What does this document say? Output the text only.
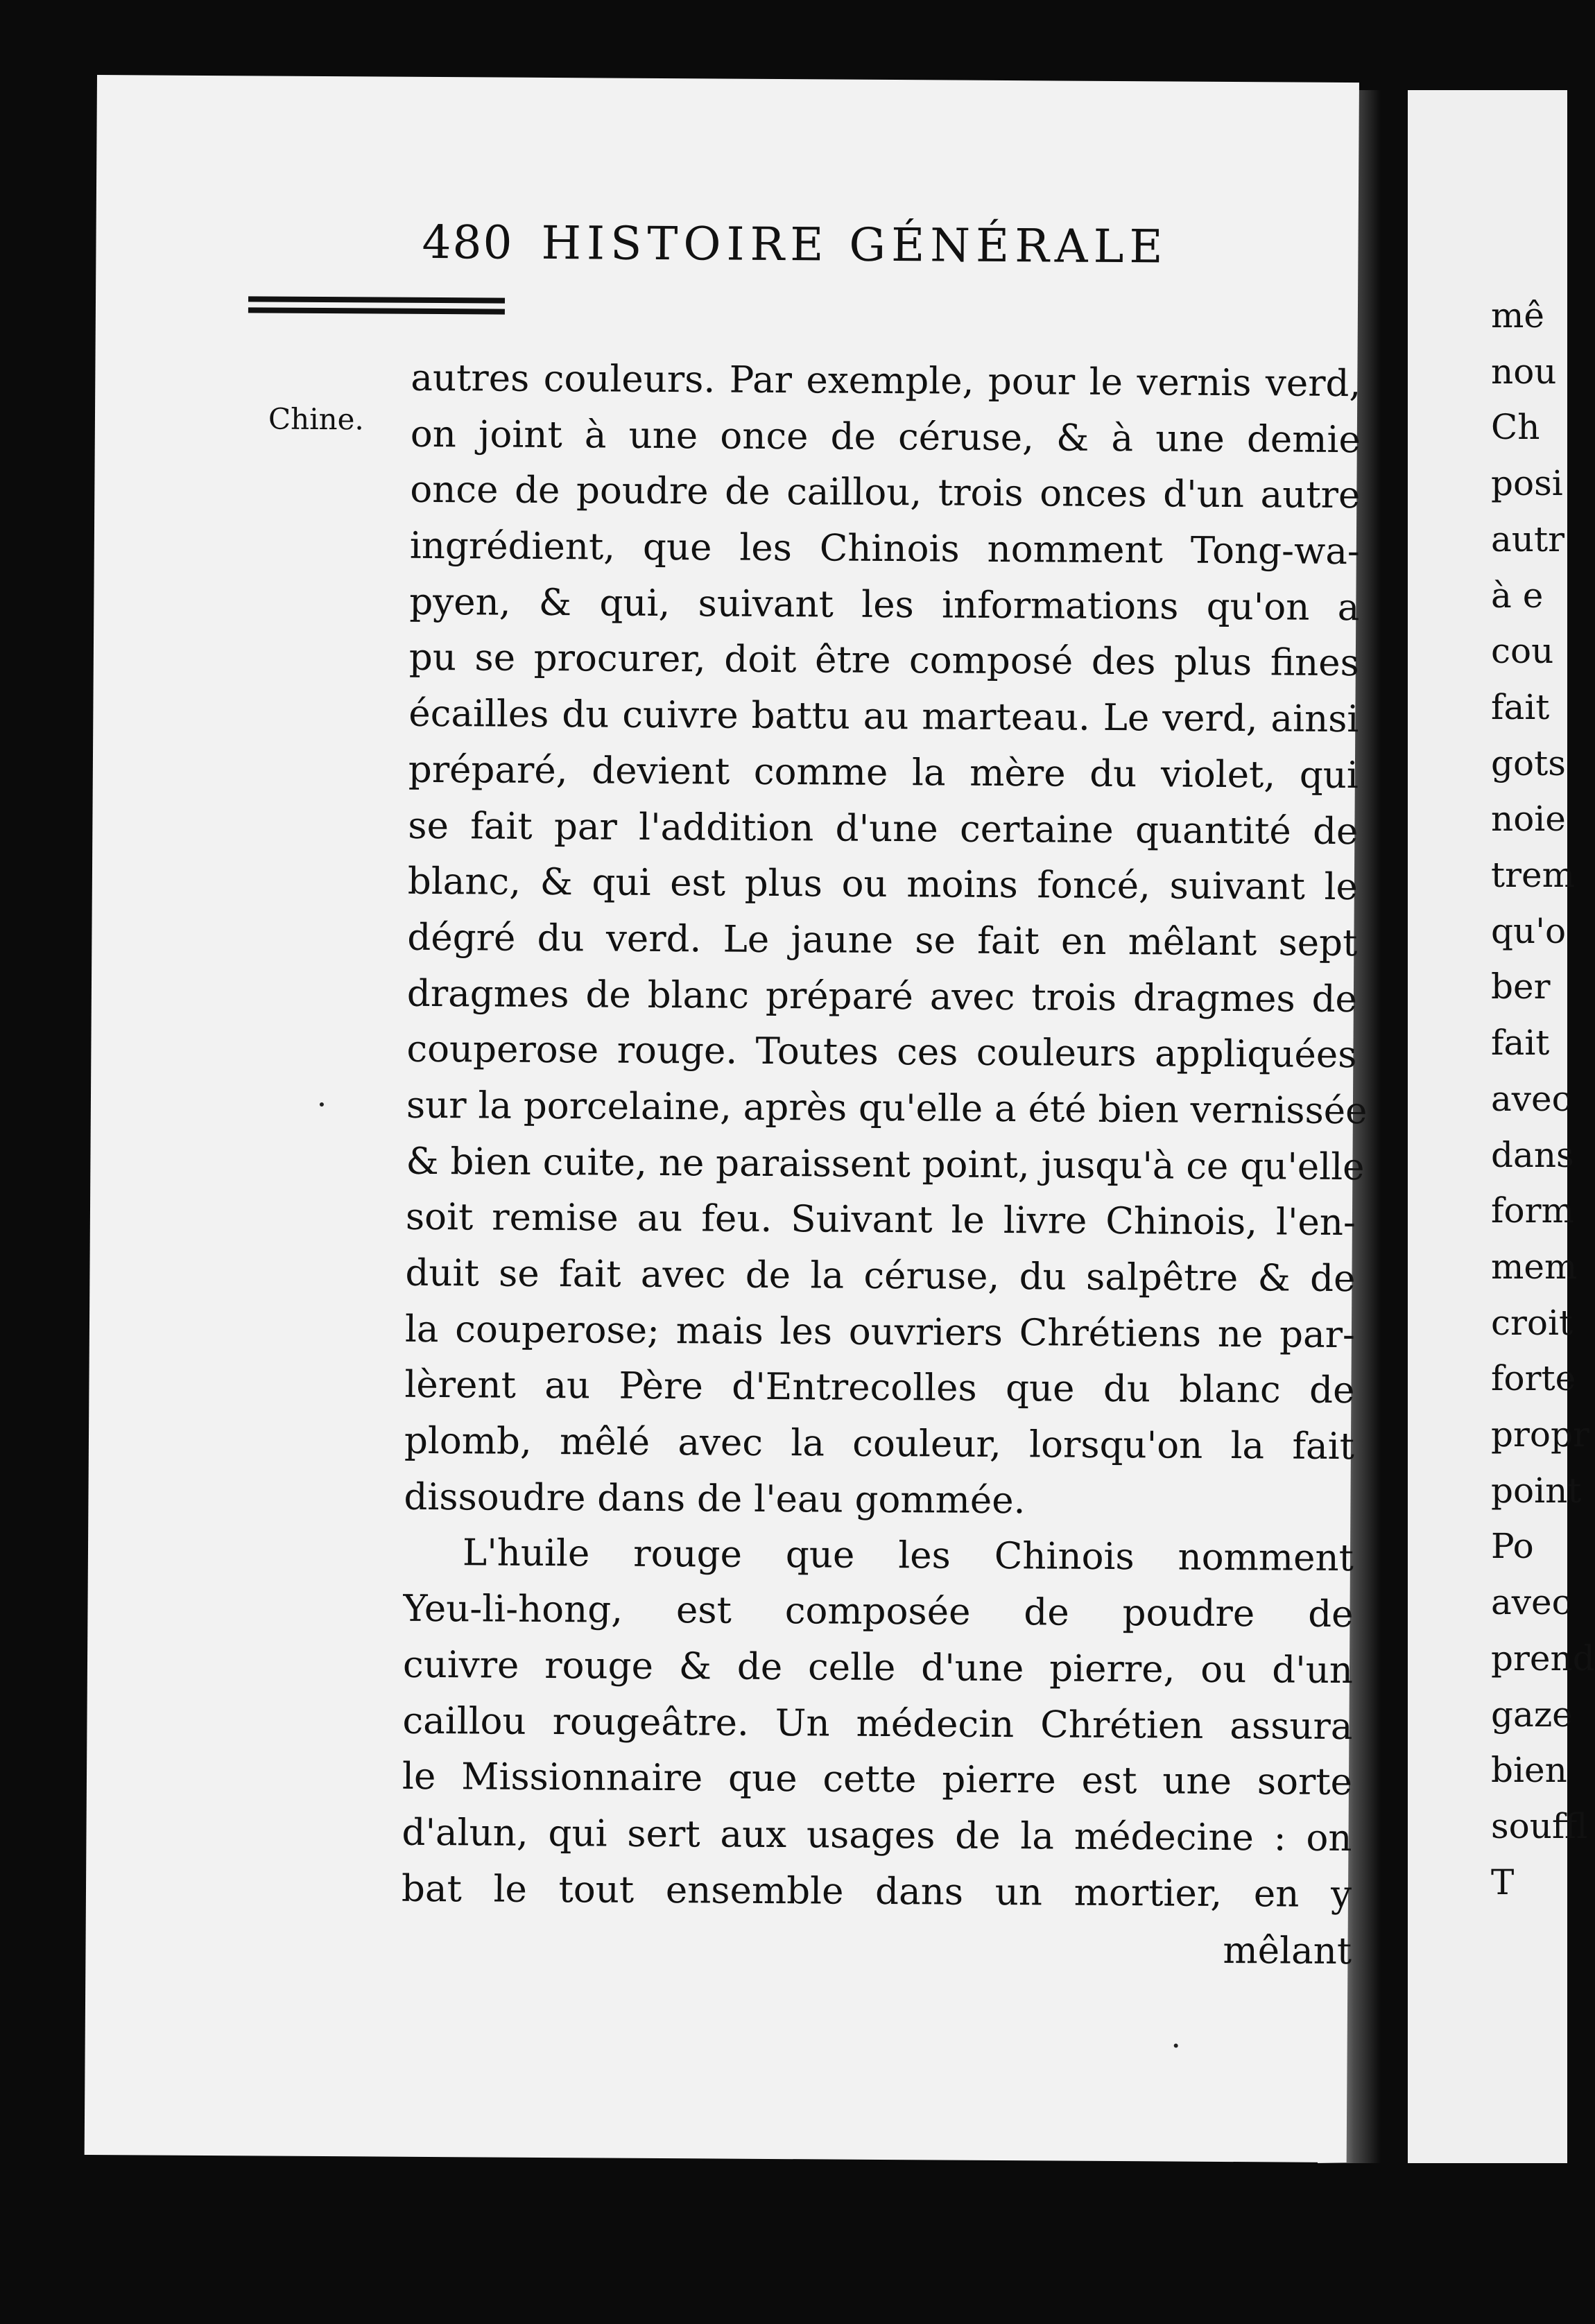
480 HISTOIRE GÉNÉRALE
Chine.
autres couleurs. Par exemple, pour le vernis verd,
on joint à une once de céruse, & à une demie
once de poudre de caillou, trois onces d'un autre
ingrédient, que les Chinois nomment Tong-wa-
pyen, & qui, suivant les informations qu'on a
pu se procurer, doit être composé des plus fines
écailles du cuivre battu au marteau. Le verd, ainsi
préparé, devient comme la mère du violet, qui
se fait par l'addition d'une certaine quantité de
blanc, & qui est plus ou moins foncé, suivant le
dégré du verd. Le jaune se fait en mêlant sept
dragmes de blanc préparé avec trois dragmes de
couperose rouge. Toutes ces couleurs appliquées
sur la porcelaine, après qu'elle a été bien vernissée
& bien cuite, ne paraissent point, jusqu'à ce qu'elle
soit remise au feu. Suivant le livre Chinois, l'en-
duit se fait avec de la céruse, du salpêtre & de
la couperose; mais les ouvriers Chrétiens ne par-
lèrent au Père d'Entrecolles que du blanc de
plomb, mêlé avec la couleur, lorsqu'on la fait
dissoudre dans de l'eau gommée.
L'huile rouge que les Chinois nomment
Yeu-li-hong, est composée de poudre de
cuivre rouge & de celle d'une pierre, ou d'un
caillou rougeâtre. Un médecin Chrétien assura
le Missionnaire que cette pierre est une sorte
d'alun, qui sert aux usages de la médecine : on
bat le tout ensemble dans un mortier, en y
mêlant
mê
nou
Ch
posi
autr
à e
cou
fait
gots
noie
trem
qu'o
ber
fait
avec
dans
form
mem
croit
forte
propr
point
Po
avec
prend
gaze
bien
souffl
T
